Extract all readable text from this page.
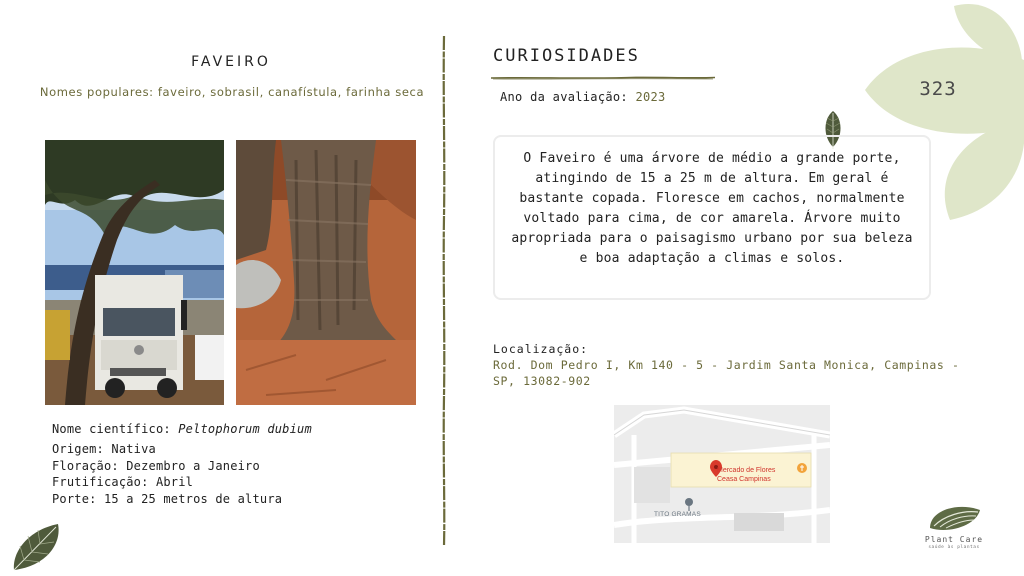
FAVEIRO
Nomes populares: faveiro, sobrasil, canafístula, farinha seca
Nome científico: Peltophorum dubium
Origem: Nativa
Floração: Dezembro a Janeiro
Frutificação: Abril
Porte: 15 a 25 metros de altura
CURIOSIDADES
Ano da avaliação: 2023
O Faveiro é uma árvore de médio a grande porte, atingindo de 15 a 25 m de altura. Em geral é bastante copada. Floresce em cachos, normalmente voltado para cima, de cor amarela. Árvore muito apropriada para o paisagismo urbano por sua beleza e boa adaptação a climas e solos.
Localização:
Rod. Dom Pedro I, Km 140 - 5 - Jardim Santa Monica, Campinas - SP, 13082-902
Mercado de Flores
Ceasa Campinas
TITO GRAMAS
323
Plant Care
saúde às plantas
